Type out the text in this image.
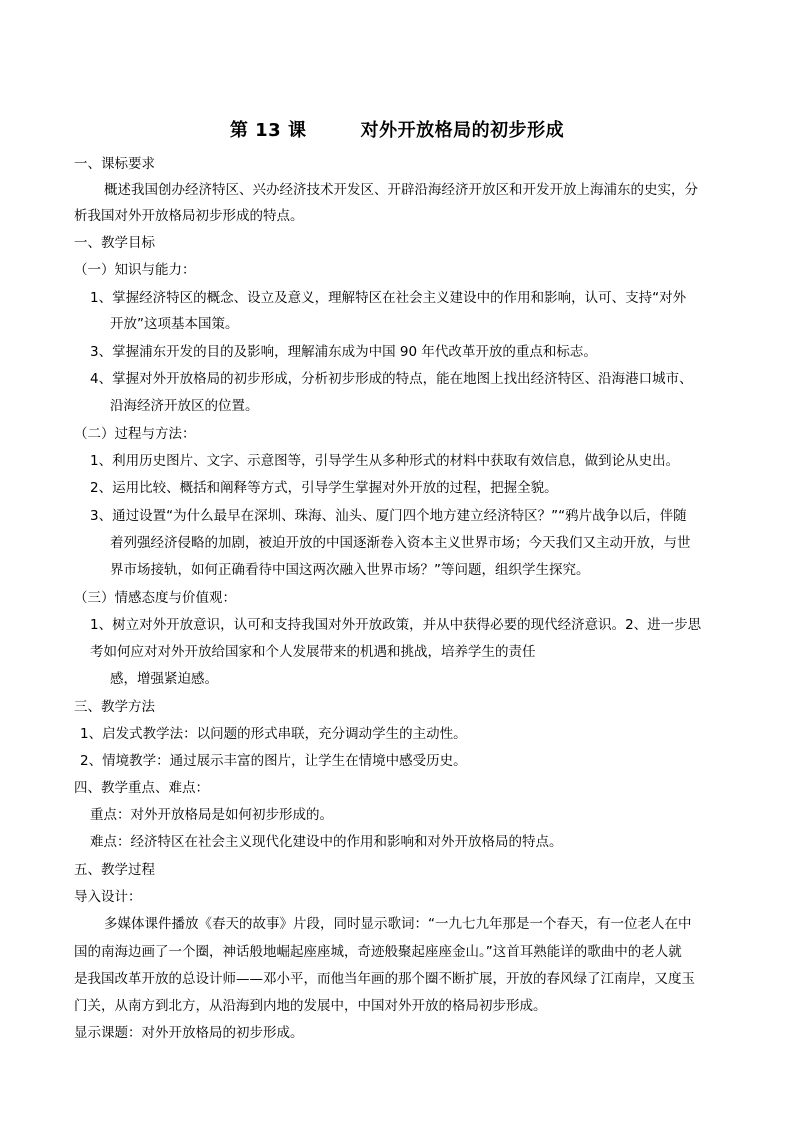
第 13 课        对外开放格局的初步形成
一、课标要求
概述我国创办经济特区、兴办经济技术开发区、开辟沿海经济开放区和开发开放上海浦东的史实，分
析我国对外开放格局初步形成的特点。
一、教学目标
（一）知识与能力：
1、掌握经济特区的概念、设立及意义，理解特区在社会主义建设中的作用和影响，认可、支持“对外
开放”这项基本国策。
3、掌握浦东开发的目的及影响，理解浦东成为中国 90 年代改革开放的重点和标志。
4、掌握对外开放格局的初步形成，分析初步形成的特点，能在地图上找出经济特区、沿海港口城市、
沿海经济开放区的位置。
（二）过程与方法：
1、利用历史图片、文字、示意图等，引导学生从多种形式的材料中获取有效信息，做到论从史出。
2、运用比较、概括和阐释等方式，引导学生掌握对外开放的过程，把握全貌。
3、通过设置“为什么最早在深圳、珠海、汕头、厦门四个地方建立经济特区？”“鸦片战争以后，伴随
着列强经济侵略的加剧，被迫开放的中国逐渐卷入资本主义世界市场；今天我们又主动开放，与世
界市场接轨，如何正确看待中国这两次融入世界市场？”等问题，组织学生探究。
（三）情感态度与价值观：
1、树立对外开放意识，认可和支持我国对外开放政策，并从中获得必要的现代经济意识。2、进一步思
考如何应对对外开放给国家和个人发展带来的机遇和挑战，培养学生的责任
感，增强紧迫感。
三、教学方法
1、启发式教学法：以问题的形式串联，充分调动学生的主动性。
2、情境教学：通过展示丰富的图片，让学生在情境中感受历史。
四、教学重点、难点：
重点：对外开放格局是如何初步形成的。
难点：经济特区在社会主义现代化建设中的作用和影响和对外开放格局的特点。
五、教学过程
导入设计：
多媒体课件播放《春天的故事》片段，同时显示歌词：“一九七九年那是一个春天，有一位老人在中
国的南海边画了一个圈，神话般地崛起座座城，奇迹般聚起座座金山。”这首耳熟能详的歌曲中的老人就
是我国改革开放的总设计师——邓小平，而他当年画的那个圈不断扩展，开放的春风绿了江南岸，又度玉
门关，从南方到北方，从沿海到内地的发展中，中国对外开放的格局初步形成。
显示课题：对外开放格局的初步形成。
